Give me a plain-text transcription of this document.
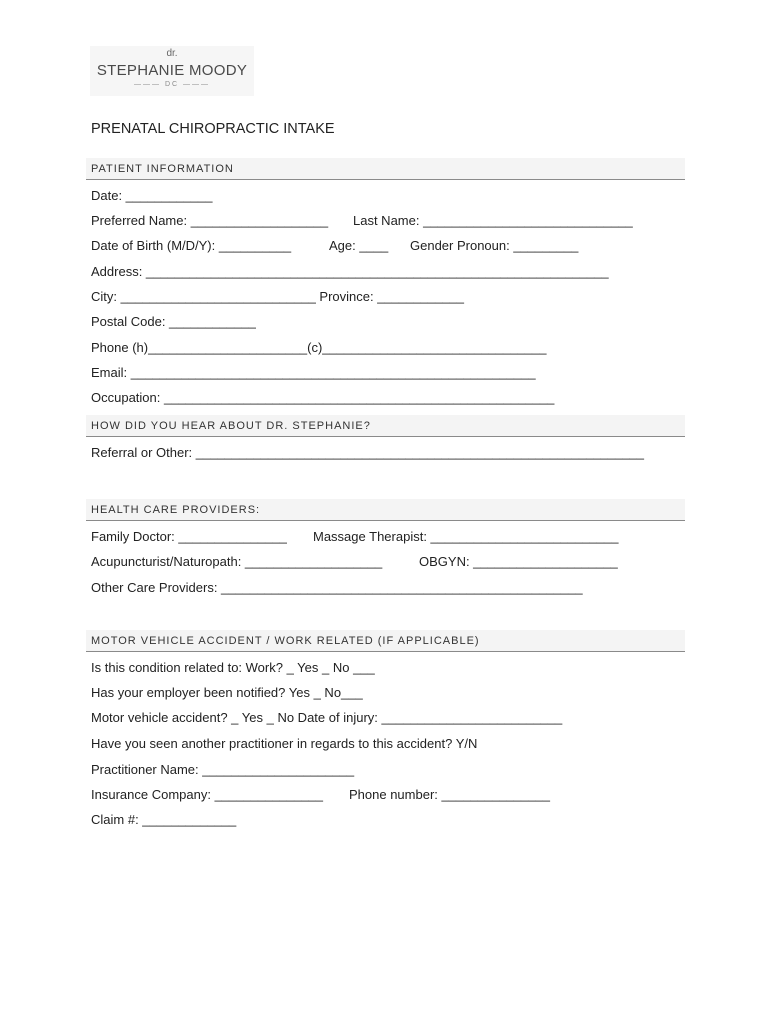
dr.
STEPHANIE MOODY
——— DC ———
PRENATAL CHIROPRACTIC INTAKE
PATIENT INFORMATION
Date: ____________
Preferred Name: ___________________ Last Name: _____________________________
Date of Birth (M/D/Y): __________	Age: ____ Gender Pronoun: _________
Address: ________________________________________________________________
City: ___________________________ Province: ____________
Postal Code: ____________
Phone (h)______________________(c)_______________________________
Email: ________________________________________________________
Occupation: ______________________________________________________
HOW DID YOU HEAR ABOUT DR. STEPHANIE?
Referral or Other: ______________________________________________________________
HEALTH CARE PROVIDERS:
Family Doctor: _______________ Massage Therapist: __________________________
Acupuncturist/Naturopath: ___________________	OBGYN: ____________________
Other Care Providers: __________________________________________________
MOTOR VEHICLE ACCIDENT / WORK RELATED (IF APPLICABLE)
Is this condition related to: Work? _ Yes _ No ___
Has your employer been notified? Yes _ No___
Motor vehicle accident? _ Yes _ No Date of injury: _________________________
Have you seen another practitioner in regards to this accident? Y/N
Practitioner Name: _____________________
Insurance Company: _______________ Phone number: _______________
Claim #: _____________
